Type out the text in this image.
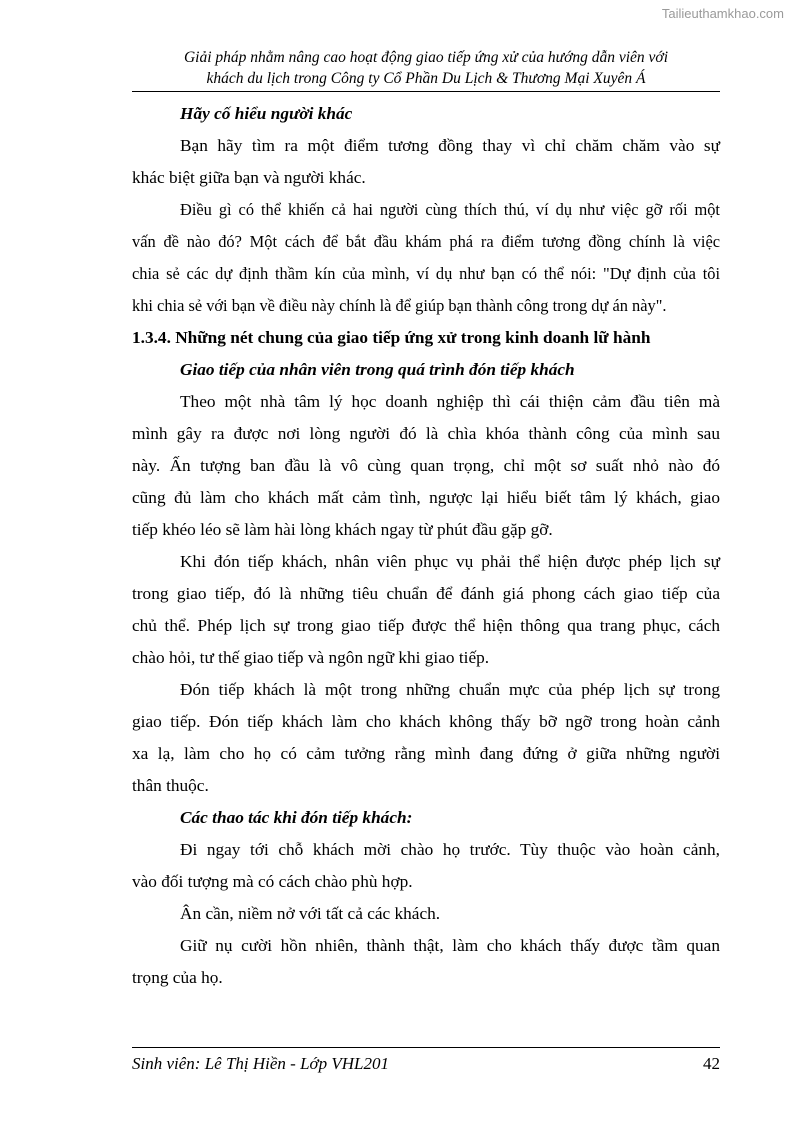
Tailieuthamkhao.com
Giải pháp nhằm nâng cao hoạt động giao tiếp ứng xử của hướng dẫn viên với
khách du lịch trong Công ty Cổ Phần Du Lịch & Thương Mại Xuyên Á
Hãy cố hiểu người khác
Bạn hãy tìm ra một điểm tương đồng thay vì chỉ chăm chăm vào sự
khác biệt giữa bạn và người khác.
Điều gì có thể khiến cả hai người cùng thích thú, ví dụ như việc gỡ rối một
vấn đề nào đó? Một cách để bắt đầu khám phá ra điểm tương đồng chính là việc
chia sẻ các dự định thầm kín của mình, ví dụ như bạn có thể nói: "Dự định của tôi
khi chia sẻ với bạn về điều này chính là để giúp bạn thành công trong dự án này".
1.3.4. Những nét chung của giao tiếp ứng xử trong kinh doanh lữ hành
Giao tiếp của nhân viên trong quá trình đón tiếp khách
Theo một nhà tâm lý học doanh nghiệp thì cái thiện cảm đầu tiên mà
mình gây ra được nơi lòng người đó là chìa khóa thành công của mình sau
này. Ấn tượng ban đầu là vô cùng quan trọng, chỉ một sơ suất nhỏ nào đó
cũng đủ làm cho khách mất cảm tình, ngược lại hiểu biết tâm lý khách, giao
tiếp khéo léo sẽ làm hài lòng khách ngay từ phút đầu gặp gỡ.
Khi đón tiếp khách, nhân viên phục vụ phải thể hiện được phép lịch sự
trong giao tiếp, đó là những tiêu chuẩn để đánh giá phong cách giao tiếp của
chủ thể. Phép lịch sự trong giao tiếp được thể hiện thông qua trang phục, cách
chào hỏi, tư thế giao tiếp và ngôn ngữ khi giao tiếp.
Đón tiếp khách là một trong những chuẩn mực của phép lịch sự trong
giao tiếp. Đón tiếp khách làm cho khách không thấy bỡ ngỡ trong hoàn cảnh
xa lạ, làm cho họ có cảm tưởng rằng mình đang đứng ở giữa những người
thân thuộc.
Các thao tác khi đón tiếp khách:
Đi ngay tới chỗ khách mời chào họ trước. Tùy thuộc vào hoàn cảnh,
vào đối tượng mà có cách chào phù hợp.
Ân cần, niềm nở với tất cả các khách.
Giữ nụ cười hồn nhiên, thành thật, làm cho khách thấy được tầm quan
trọng của họ.
Sinh viên: Lê Thị Hiền - Lớp VHL201	42
